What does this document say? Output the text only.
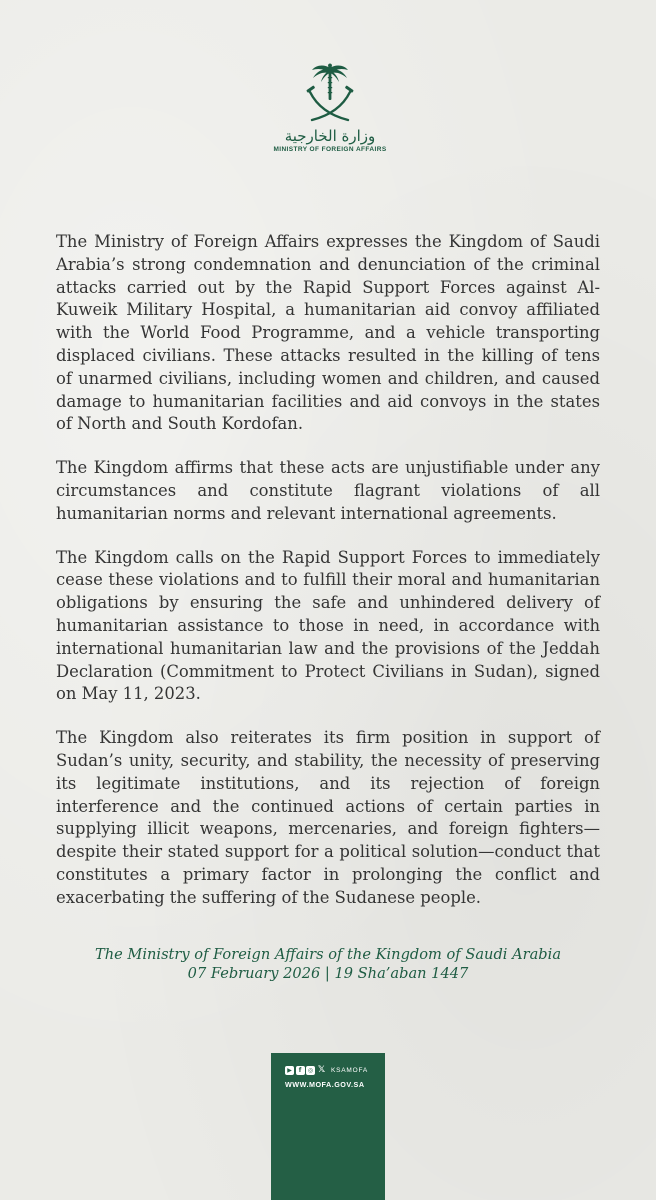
وزارة الخارجية
MINISTRY OF FOREIGN AFFAIRS

The Ministry of Foreign Affairs expresses the Kingdom of Saudi Arabia’s strong condemnation and denunciation of the criminal attacks carried out by the Rapid Support Forces against Al-Kuweik Military Hospital, a humanitarian aid convoy affiliated with the World Food Programme, and a vehicle transporting displaced civilians. These attacks resulted in the killing of tens of unarmed civilians, including women and children, and caused damage to humanitarian facilities and aid convoys in the states of North and South Kordofan.

The Kingdom affirms that these acts are unjustifiable under any circumstances and constitute flagrant violations of all humanitarian norms and relevant international agreements.

The Kingdom calls on the Rapid Support Forces to immediately cease these violations and to fulfill their moral and humanitarian obligations by ensuring the safe and unhindered delivery of humanitarian assistance to those in need, in accordance with international humanitarian law and the provisions of the Jeddah Declaration (Commitment to Protect Civilians in Sudan), signed on May 11, 2023.

The Kingdom also reiterates its firm position in support of Sudan’s unity, security, and stability, the necessity of preserving its legitimate institutions, and its rejection of foreign interference and the continued actions of certain parties in supplying illicit weapons, mercenaries, and foreign fighters—despite their stated support for a political solution—conduct that constitutes a primary factor in prolonging the conflict and exacerbating the suffering of the Sudanese people.

The Ministry of Foreign Affairs of the Kingdom of Saudi Arabia
07 February 2026 | 19 Sha’aban 1447
▶	f	◎ 𝕏 KSAMOFA
WWW.MOFA.GOV.SA
